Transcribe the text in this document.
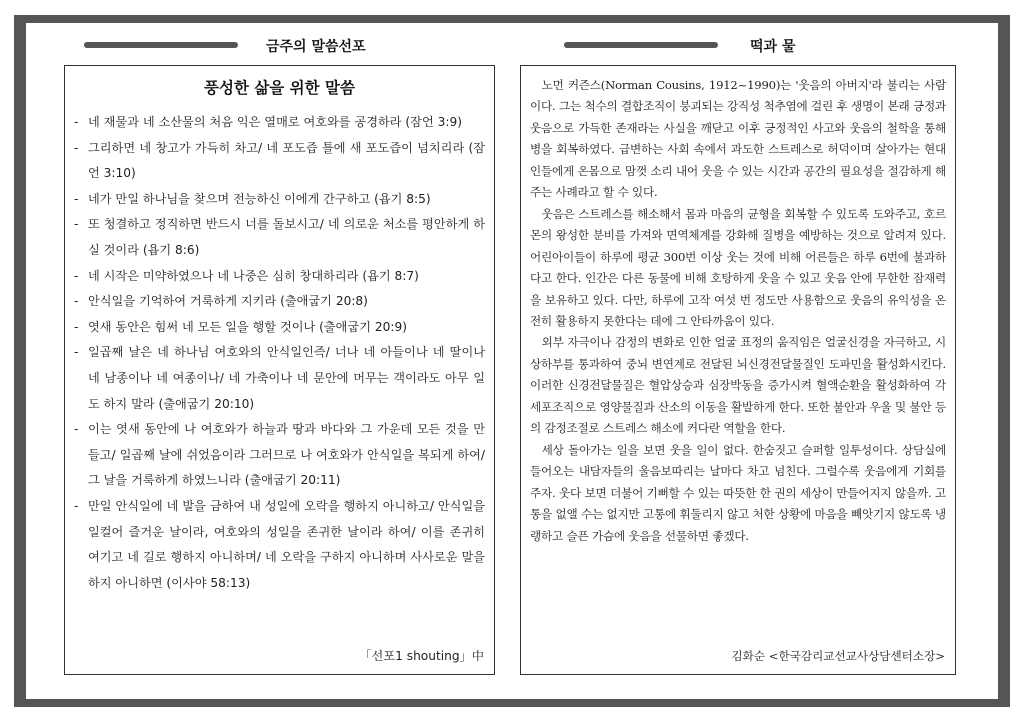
금주의 말씀선포	떡과 물
풍성한 삶을 위한 말씀
- 네 재물과 네 소산물의 처음 익은 열매로 여호와를 공경하라 (잠언 3:9)
- 그리하면 네 창고가 가득히 차고/ 네 포도즙 틀에 새 포도즙이 넘치리라 (잠언 3:10)
- 네가 만일 하나님을 찾으며 전능하신 이에게 간구하고 (욥기 8:5)
- 또 청결하고 정직하면 반드시 너를 돌보시고/ 네 의로운 처소를 평안하게 하실 것이라 (욥기 8:6)
- 네 시작은 미약하였으나 네 나중은 심히 창대하리라 (욥기 8:7)
- 안식일을 기억하여 거룩하게 지키라 (출애굽기 20:8)
- 엿새 동안은 힘써 네 모든 일을 행할 것이나 (출애굽기 20:9)
- 일곱째 날은 네 하나님 여호와의 안식일인즉/ 너나 네 아들이나 네 딸이나 네 남종이나 네 여종이나/ 네 가축이나 네 문안에 머무는 객이라도 아무 일도 하지 말라 (출애굽기 20:10)
- 이는 엿새 동안에 나 여호와가 하늘과 땅과 바다와 그 가운데 모든 것을 만들고/ 일곱째 날에 쉬었음이라 그러므로 나 여호와가 안식일을 복되게 하여/ 그 날을 거룩하게 하였느니라 (출애굽기 20:11)
- 만일 안식일에 네 발을 금하여 내 성일에 오락을 행하지 아니하고/ 안식일을 일컬어 즐거운 날이라, 여호와의 성일을 존귀한 날이라 하여/ 이를 존귀히 여기고 네 길로 행하지 아니하며/ 네 오락을 구하지 아니하며 사사로운 말을 하지 아니하면 (이사야 58:13)
「선포1 shouting」中

노먼 커즌스(Norman Cousins, 1912~1990)는 '웃음의 아버지'라 불리는 사람이다. 그는 척수의 결합조직이 붕괴되는 강직성 척추염에 걸린 후 생명이 본래 긍정과 웃음으로 가득한 존재라는 사실을 깨닫고 이후 긍정적인 사고와 웃음의 철학을 통해 병을 회복하였다. 급변하는 사회 속에서 과도한 스트레스로 허덕이며 살아가는 현대인들에게 온몸으로 맘껏 소리 내어 웃을 수 있는 시간과 공간의 필요성을 절감하게 해주는 사례라고 할 수 있다.

웃음은 스트레스를 해소해서 몸과 마음의 균형을 회복할 수 있도록 도와주고, 호르몬의 왕성한 분비를 가져와 면역체계를 강화해 질병을 예방하는 것으로 알려져 있다. 어린아이들이 하루에 평균 300번 이상 웃는 것에 비해 어른들은 하루 6번에 불과하다고 한다. 인간은 다른 동물에 비해 호탕하게 웃을 수 있고 웃음 안에 무한한 잠재력을 보유하고 있다. 다만, 하루에 고작 여섯 번 정도만 사용함으로 웃음의 유익성을 온전히 활용하지 못한다는 데에 그 안타까움이 있다.

외부 자극이나 감정의 변화로 인한 얼굴 표정의 움직임은 얼굴신경을 자극하고, 시상하부를 통과하여 중뇌 변연계로 전달된 뇌신경전달물질인 도파민을 활성화시킨다. 이러한 신경전달물질은 혈압상승과 심장박동을 증가시켜 혈액순환을 활성화하여 각 세포조직으로 영양물질과 산소의 이동을 활발하게 한다. 또한 불안과 우울 및 불안 등의 감정조절로 스트레스 해소에 커다란 역할을 한다.

세상 돌아가는 일을 보면 웃을 일이 없다. 한숨짓고 슬퍼할 일투성이다. 상담실에 들어오는 내담자들의 울음보따리는 날마다 차고 넘친다. 그럴수록 웃음에게 기회를 주자. 웃다 보면 더불어 기뻐할 수 있는 따뜻한 한 권의 세상이 만들어지지 않을까. 고통을 없앨 수는 없지만 고통에 휘둘리지 않고 처한 상황에 마음을 빼앗기지 않도록 냉랭하고 슬픈 가슴에 웃음을 선물하면 좋겠다.

김화순 <한국감리교선교사상담센터소장>
